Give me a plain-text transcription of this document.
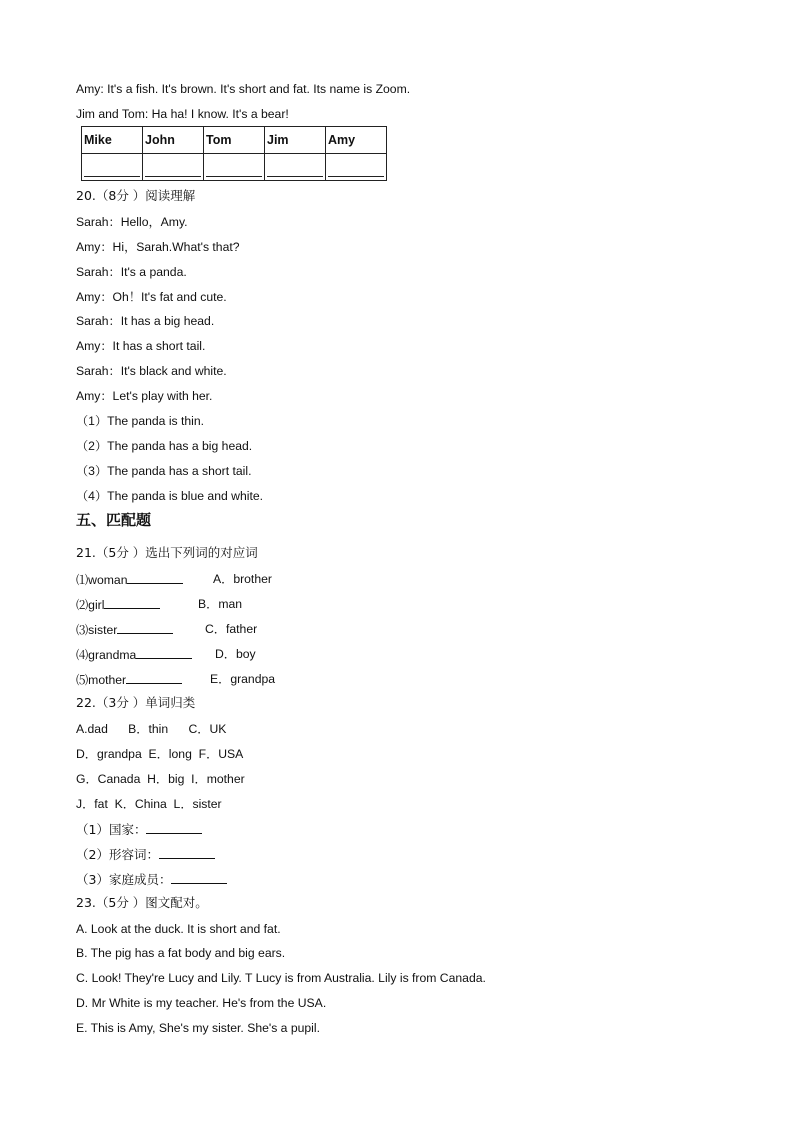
Amy: It's a fish. It's brown. It's short and fat. Its name is Zoom.
Jim and Tom: Ha ha! I know. It's a bear!
Mike	John	Tom	Jim	Amy

20.（8分 ）阅读理解
Sarah：Hello，Amy.
Amy：Hi，Sarah.What's that?
Sarah：It's a panda.
Amy：Oh！It's fat and cute.
Sarah：It has a big head.
Amy：It has a short tail.
Sarah：It's black and white.
Amy：Let's play with her.
（1）The panda is thin.
（2）The panda has a big head.
（3）The panda has a short tail.
（4）The panda is blue and white.
五、匹配题
21.（5分 ）选出下列词的对应词
⑴woman	A．brother
⑵girl	B．man
⑶sister	C．father
⑷grandma	D．boy
⑸mother	E．grandpa
22.（3分 ）单词归类
A.dad      B．thin      C．UK
D．grandpa  E．long  F．USA
G．Canada  H．big  I．mother
J．fat  K．China  L．sister
（1）国家：
（2）形容词：
（3）家庭成员：
23.（5分 ）图文配对。
A. Look at the duck. It is short and fat.
B. The pig has a fat body and big ears.
C. Look! They're Lucy and Lily. T Lucy is from Australia. Lily is from Canada.
D. Mr White is my teacher. He's from the USA.
E. This is Amy, She's my sister. She's a pupil.
